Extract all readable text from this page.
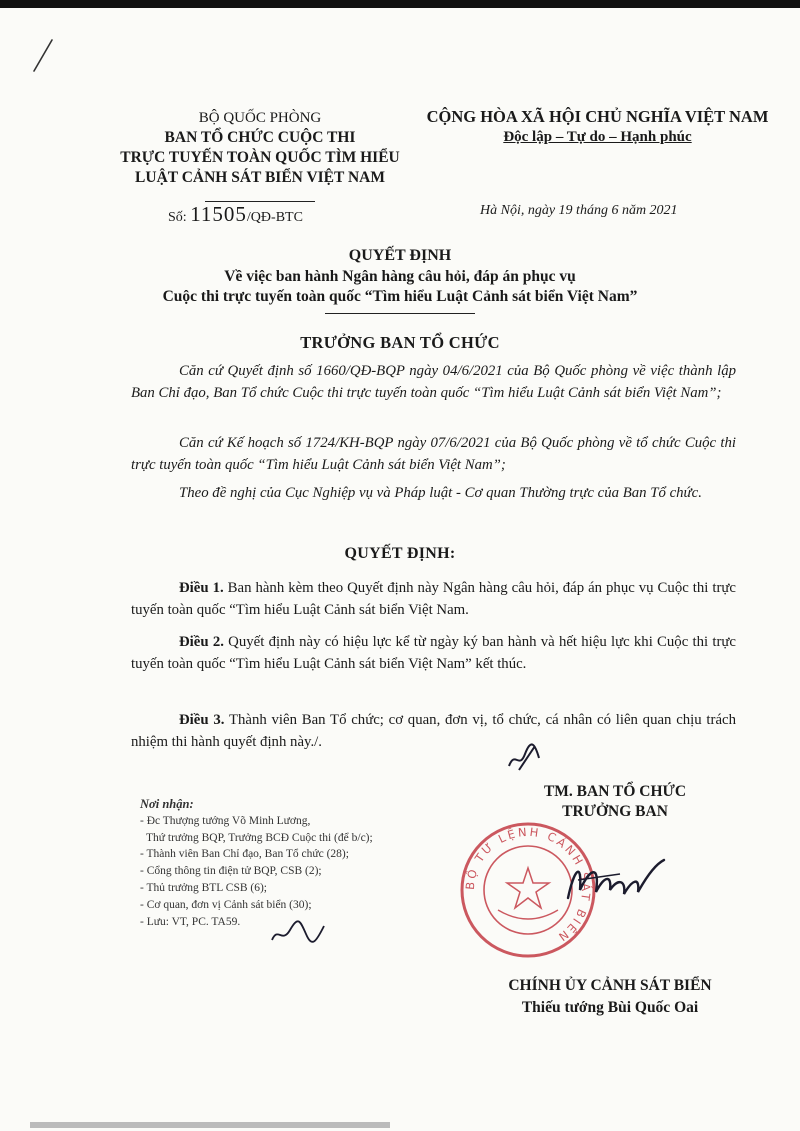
BỘ QUỐC PHÒNG
BAN TỔ CHỨC CUỘC THI
TRỰC TUYẾN TOÀN QUỐC TÌM HIỂU
LUẬT CẢNH SÁT BIỂN VIỆT NAM
CỘNG HÒA XÃ HỘI CHỦ NGHĨA VIỆT NAM
Độc lập – Tự do – Hạnh phúc
Số: 11505/QĐ-BTC	Hà Nội, ngày 19 tháng 6 năm 2021
QUYẾT ĐỊNH
Về việc ban hành Ngân hàng câu hỏi, đáp án phục vụ
Cuộc thi trực tuyến toàn quốc “Tìm hiểu Luật Cảnh sát biển Việt Nam”
TRƯỞNG BAN TỔ CHỨC
Căn cứ Quyết định số 1660/QĐ-BQP ngày 04/6/2021 của Bộ Quốc phòng về việc thành lập Ban Chỉ đạo, Ban Tổ chức Cuộc thi trực tuyến toàn quốc “Tìm hiểu Luật Cảnh sát biển Việt Nam”;
Căn cứ Kế hoạch số 1724/KH-BQP ngày 07/6/2021 của Bộ Quốc phòng về tổ chức Cuộc thi trực tuyến toàn quốc “Tìm hiểu Luật Cảnh sát biển Việt Nam”;
Theo đề nghị của Cục Nghiệp vụ và Pháp luật - Cơ quan Thường trực của Ban Tổ chức.
QUYẾT ĐỊNH:
Điều 1. Ban hành kèm theo Quyết định này Ngân hàng câu hỏi, đáp án phục vụ Cuộc thi trực tuyến toàn quốc “Tìm hiểu Luật Cảnh sát biển Việt Nam.
Điều 2. Quyết định này có hiệu lực kể từ ngày ký ban hành và hết hiệu lực khi Cuộc thi trực tuyến toàn quốc “Tìm hiểu Luật Cảnh sát biển Việt Nam” kết thúc.
Điều 3. Thành viên Ban Tổ chức; cơ quan, đơn vị, tổ chức, cá nhân có liên quan chịu trách nhiệm thi hành quyết định này./.
Nơi nhận:
- Đc Thượng tướng Võ Minh Lương,
Thứ trưởng BQP, Trưởng BCĐ Cuộc thi (để b/c);
- Thành viên Ban Chỉ đạo, Ban Tổ chức (28);
- Cổng thông tin điện tử BQP, CSB (2);
- Thủ trưởng BTL CSB (6);
- Cơ quan, đơn vị Cảnh sát biển (30);
- Lưu: VT, PC. TA59.
TM. BAN TỔ CHỨC
TRƯỞNG BAN
BỘ TƯ LỆNH CẢNH SÁT BIỂN
CHÍNH ỦY CẢNH SÁT BIỂN
Thiếu tướng Bùi Quốc Oai
